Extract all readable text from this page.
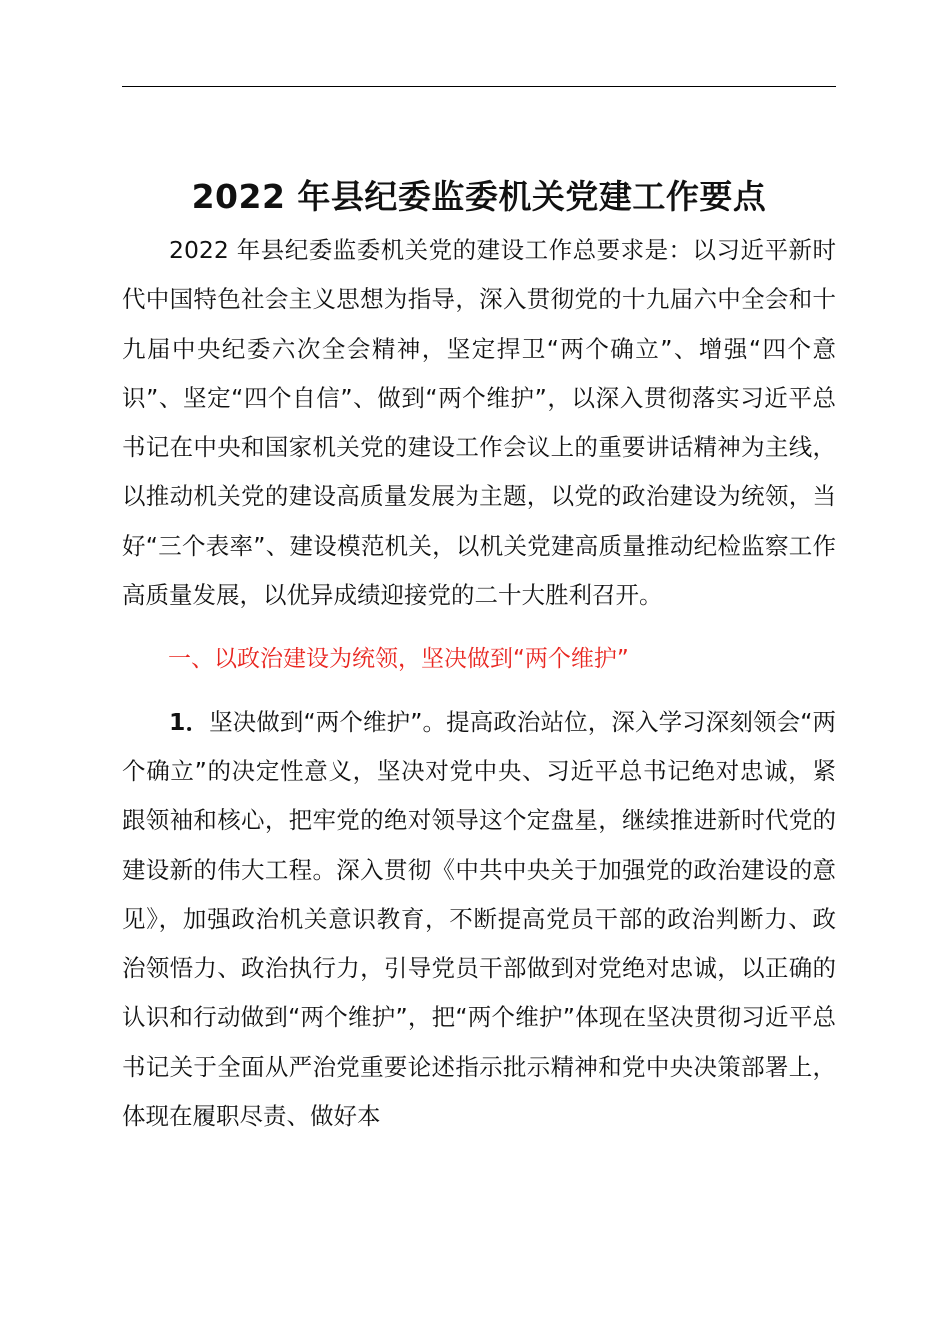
2022 年县纪委监委机关党建工作要点

2022 年县纪委监委机关党的建设工作总要求是：以习近平新时代中国特色社会主义思想为指导，深入贯彻党的十九届六中全会和十九届中央纪委六次全会精神，坚定捍卫“两个确立”、增强“四个意识”、坚定“四个自信”、做到“两个维护”，以深入贯彻落实习近平总书记在中央和国家机关党的建设工作会议上的重要讲话精神为主线，以推动机关党的建设高质量发展为主题，以党的政治建设为统领，当好“三个表率”、建设模范机关，以机关党建高质量推动纪检监察工作高质量发展，以优异成绩迎接党的二十大胜利召开。

一、以政治建设为统领，坚决做到“两个维护”

1．坚决做到“两个维护”。提高政治站位，深入学习深刻领会“两个确立”的决定性意义，坚决对党中央、习近平总书记绝对忠诚，紧跟领袖和核心，把牢党的绝对领导这个定盘星，继续推进新时代党的建设新的伟大工程。深入贯彻《中共中央关于加强党的政治建设的意见》，加强政治机关意识教育，不断提高党员干部的政治判断力、政治领悟力、政治执行力，引导党员干部做到对党绝对忠诚，以正确的认识和行动做到“两个维护”，把“两个维护”体现在坚决贯彻习近平总书记关于全面从严治党重要论述指示批示精神和党中央决策部署上，体现在履职尽责、做好本
